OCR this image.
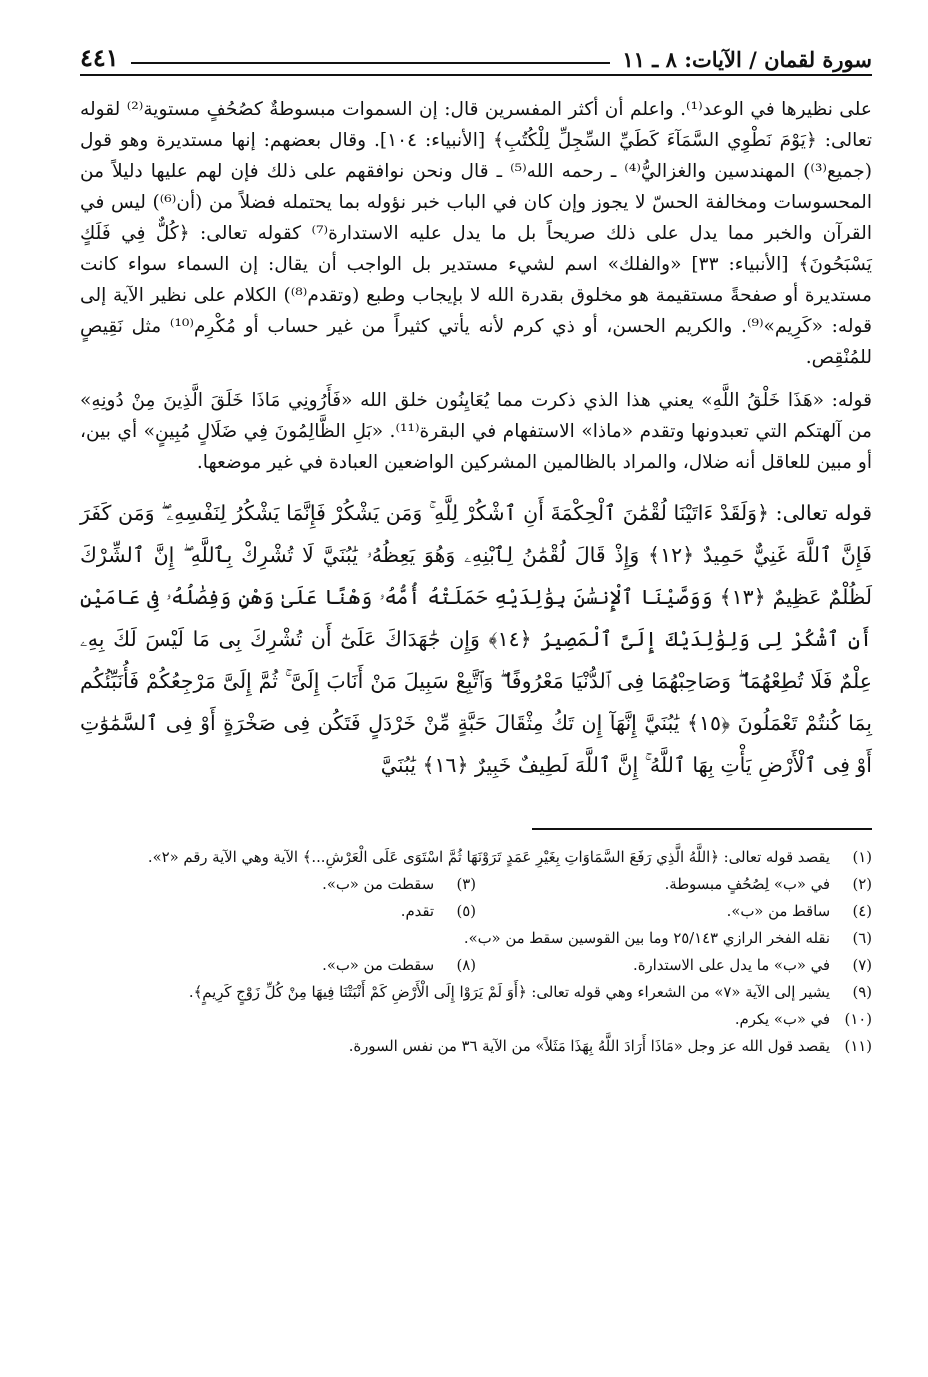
سورة لقمان / الآيات: ٨ ـ ١١
٤٤١

على نظيرها في الوعد⁽¹⁾. واعلم أن أكثر المفسرين قال: إن السموات مبسوطةٌ كصُحُفٍ مستوية⁽²⁾ لقوله تعالى: ﴿يَوْمَ نَطْوِي السَّمَآءَ كَطَيِّ السِّجِلِّ لِلْكُتُبِ﴾ [الأنبياء: ١٠٤]. وقال بعضهم: إنها مستديرة وهو قول (جميع⁽³⁾) المهندسين والغزاليُّ⁽⁴⁾ ـ رحمه الله⁽⁵⁾ ـ قال ونحن نوافقهم على ذلك فإن لهم عليها دليلاً من المحسوسات ومخالفة الحسّ لا يجوز وإن كان في الباب خبر نؤوله بما يحتمله فضلاً من (أن⁽⁶⁾) ليس في القرآن والخبر مما يدل على ذلك صريحاً بل ما يدل عليه الاستدارة⁽⁷⁾ كقوله تعالى: ﴿كُلٌّ فِي فَلَكٍ يَسْبَحُونَ﴾ [الأنبياء: ٣٣] «والفلك» اسم لشيء مستدير بل الواجب أن يقال: إن السماء سواء كانت مستديرة أو صفحةً مستقيمة هو مخلوق بقدرة الله لا بإيجاب وطبع (وتقدم⁽⁸⁾) الكلام على نظير الآية إلى قوله: «كَرِيم»⁽⁹⁾. والكريم الحسن، أو ذي كرم لأنه يأتي كثيراً من غير حساب أو مُكْرِم⁽¹⁰⁾ مثل نَقِيصٍ للمُنْقِص.

قوله: «هَذَا خَلْقُ اللَّهِ» يعني هذا الذي ذكرت مما يُعَايِنُون خلق الله «فَأَرُونِي مَاذَا خَلَقَ الَّذِينَ مِنْ دُونِهِ» من آلهتكم التي تعبدونها وتقدم «ماذا» الاستفهام في البقرة⁽¹¹⁾. «بَلِ الظَّالِمُونَ فِي ضَلَالٍ مُبِينٍ» أي بين، أو مبين للعاقل أنه ضلال، والمراد بالظالمين المشركين الواضعين العبادة في غير موضعها.

قوله تعالى: ﴿وَلَقَدْ ءَاتَيْنَا لُقْمَٰنَ ٱلْحِكْمَةَ أَنِ ٱشْكُرْ لِلَّهِ ۚ وَمَن يَشْكُرْ فَإِنَّمَا يَشْكُرُ لِنَفْسِهِۦ ۖ وَمَن كَفَرَ فَإِنَّ ٱللَّهَ غَنِيٌّ حَمِيدٌ ﴿١٢﴾ وَإِذْ قَالَ لُقْمَٰنُ لِٱبْنِهِۦ وَهُوَ يَعِظُهُۥ يَٰبُنَيَّ لَا تُشْرِكْ بِٱللَّهِ ۖ إِنَّ ٱلشِّرْكَ لَظُلْمٌ عَظِيمٌ ﴿١٣﴾ وَوَصَّيْنَا ٱلْإِنسَٰنَ بِوَٰلِدَيْهِ حَمَلَتْهُ أُمُّهُۥ وَهْنًا عَلَىٰ وَهْنٍ وَفِصَٰلُهُۥ فِى عَامَيْنِ أَنِ ٱشْكُرْ لِى وَلِوَٰلِدَيْكَ إِلَىَّ ٱلْمَصِيرُ ﴿١٤﴾ وَإِن جَٰهَدَاكَ عَلَىٰٓ أَن تُشْرِكَ بِى مَا لَيْسَ لَكَ بِهِۦ عِلْمٌ فَلَا تُطِعْهُمَا ۖ وَصَاحِبْهُمَا فِى ٱلدُّنْيَا مَعْرُوفًا ۖ وَٱتَّبِعْ سَبِيلَ مَنْ أَنَابَ إِلَىَّ ۚ ثُمَّ إِلَىَّ مَرْجِعُكُمْ فَأُنَبِّئُكُم بِمَا كُنتُمْ تَعْمَلُونَ ﴿١٥﴾ يَٰبُنَيَّ إِنَّهَآ إِن تَكُ مِثْقَالَ حَبَّةٍ مِّنْ خَرْدَلٍ فَتَكُن فِى صَخْرَةٍ أَوْ فِى ٱلسَّمَٰوَٰتِ أَوْ فِى ٱلْأَرْضِ يَأْتِ بِهَا ٱللَّهُ ۚ إِنَّ ٱللَّهَ لَطِيفٌ خَبِيرٌ ﴿١٦﴾ يَٰبُنَيَّ

(١)
يقصد قوله تعالى: ﴿اللَّهُ الَّذِي رَفَعَ السَّمَاوَاتِ بِغَيْرِ عَمَدٍ تَرَوْنَهَا ثُمَّ اسْتَوَى عَلَى الْعَرْشِ...﴾ الآية وهي الآية رقم «٢».
(٢)
في «ب» لِصُحُفٍ مبسوطة.
(٣)
سقطت من «ب».
(٤)
ساقط من «ب».
(٥)
تقدم.
(٦)
نقله الفخر الرازي ٢٥/١٤٣ وما بين القوسين سقط من «ب».
(٧)
في «ب» ما يدل على الاستدارة.
(٨)
سقطت من «ب».
(٩)
يشير إلى الآية «٧» من الشعراء وهي قوله تعالى: ﴿أَوَ لَمْ يَرَوْا إِلَى الْأَرْضِ كَمْ أَنْبَتْنَا فِيهَا مِنْ كُلِّ زَوْجٍ كَرِيمٍ﴾.
(١٠)
في «ب» يكرم.
(١١)
يقصد قول الله عز وجل «مَاذَا أَرَادَ اللَّهُ بِهَذَا مَثَلاً» من الآية ٣٦ من نفس السورة.
